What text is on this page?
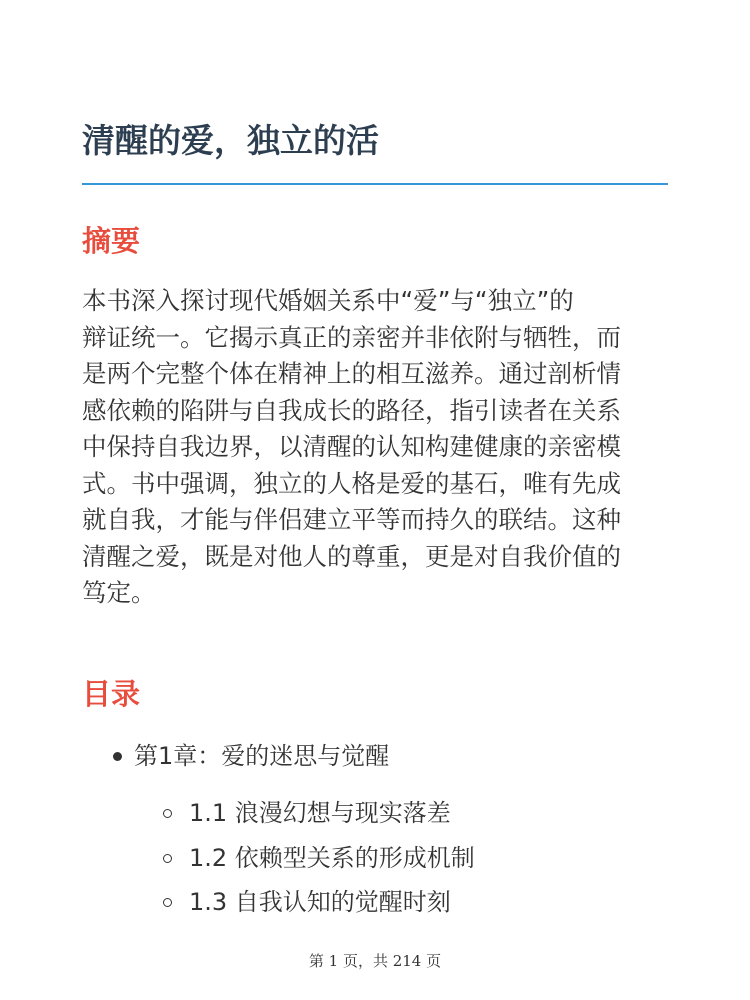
清醒的爱，独立的活
摘要

本书深入探讨现代婚姻关系中“爱”与“独立”的
辩证统一。它揭示真正的亲密并非依附与牺牲，而
是两个完整个体在精神上的相互滋养。通过剖析情
感依赖的陷阱与自我成长的路径，指引读者在关系
中保持自我边界，以清醒的认知构建健康的亲密模
式。书中强调，独立的人格是爱的基石，唯有先成
就自我，才能与伴侣建立平等而持久的联结。这种
清醒之爱，既是对他人的尊重，更是对自我价值的
笃定。

目录
第1章：爱的迷思与觉醒
1.1 浪漫幻想与现实落差
1.2 依赖型关系的形成机制
1.3 自我认知的觉醒时刻
第 1 页，共 214 页
